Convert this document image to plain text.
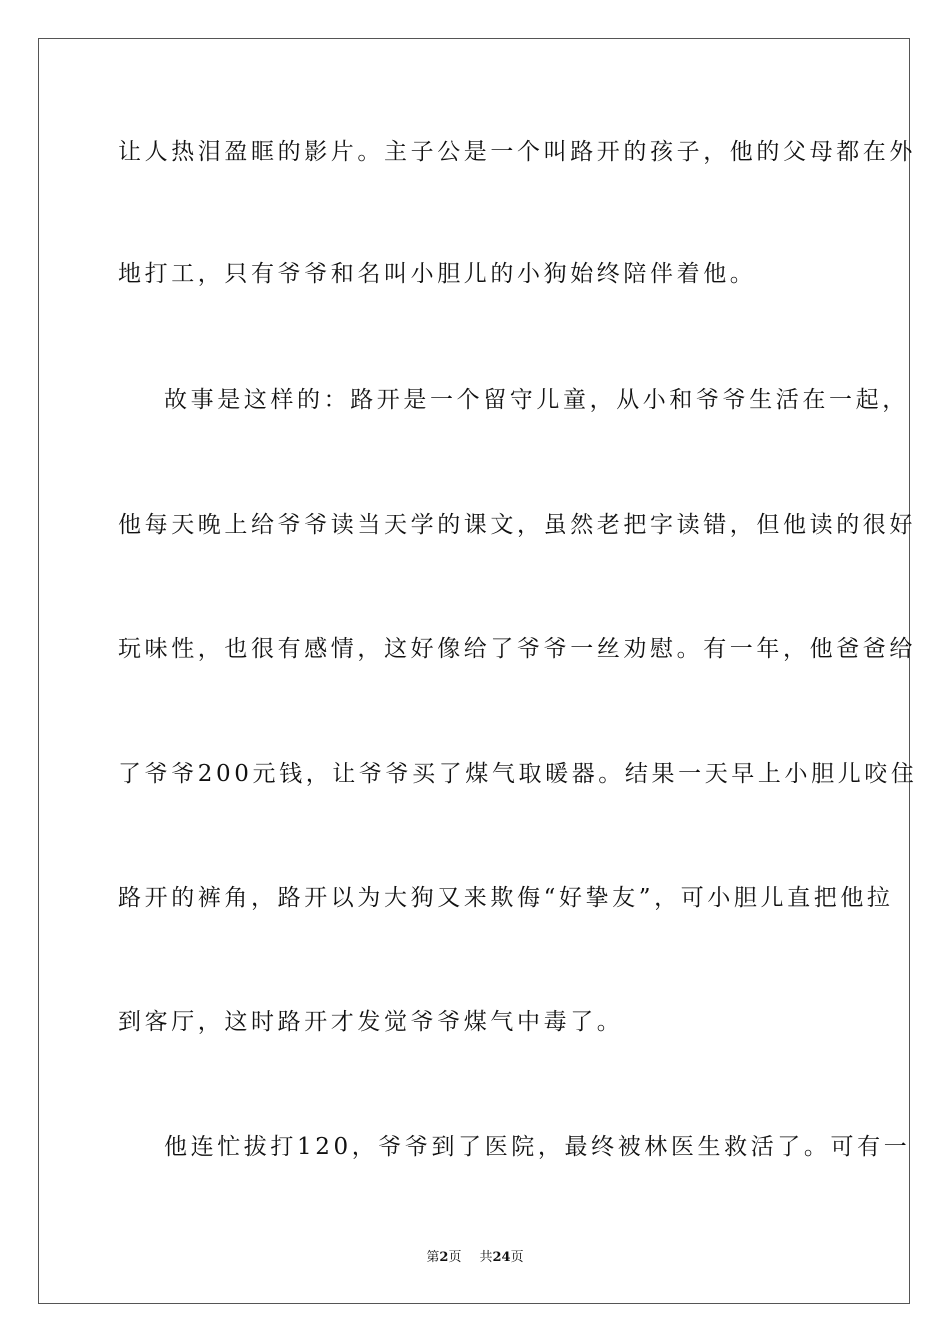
让人热泪盈眶的影片。主子公是一个叫路开的孩子，他的父母都在外
地打工，只有爷爷和名叫小胆儿的小狗始终陪伴着他。
故事是这样的：路开是一个留守儿童，从小和爷爷生活在一起，
他每天晚上给爷爷读当天学的课文，虽然老把字读错，但他读的很好
玩味性，也很有感情，这好像给了爷爷一丝劝慰。有一年，他爸爸给
了爷爷200元钱，让爷爷买了煤气取暖器。结果一天早上小胆儿咬住
路开的裤角，路开以为大狗又来欺侮“好挚友”，可小胆儿直把他拉
到客厅，这时路开才发觉爷爷煤气中毒了。
他连忙拔打120，爷爷到了医院，最终被林医生救活了。可有一
第2页 共24页
